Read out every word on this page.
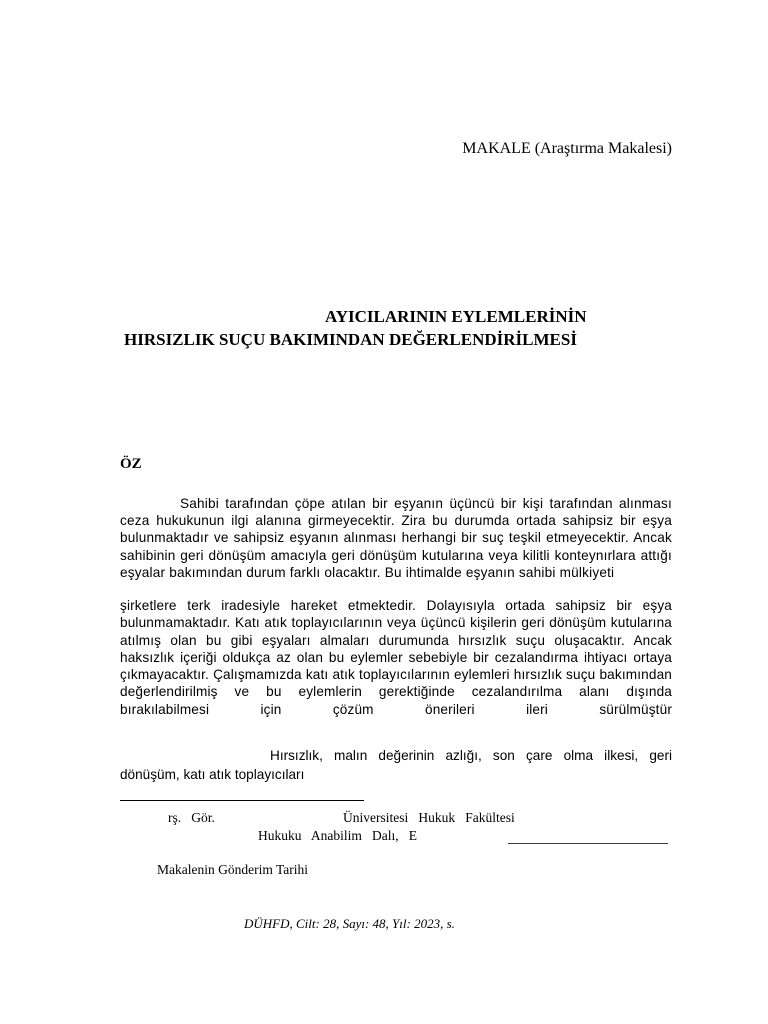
MAKALE (Araştırma Makalesi)
AYICILARININ EYLEMLERİNİN
HIRSIZLIK SUÇU BAKIMINDAN DEĞERLENDİRİLMESİ
ÖZ
Sahibi tarafından çöpe atılan bir eşyanın üçüncü bir kişi tarafından alınması ceza hukukunun ilgi alanına girmeyecektir. Zira bu durumda ortada sahipsiz bir eşya bulunmaktadır ve sahipsiz eşyanın alınması herhangi bir suç teşkil etmeyecektir. Ancak sahibinin geri dönüşüm amacıyla geri dönüşüm kutularına veya kilitli konteynırlara attığı eşyalar bakımından durum farklı olacaktır. Bu ihtimalde eşyanın sahibi mülkiyeti
şirketlere terk iradesiyle hareket etmektedir. Dolayısıyla ortada sahipsiz bir eşya bulunmamaktadır. Katı atık toplayıcılarının veya üçüncü kişilerin geri dönüşüm kutularına atılmış olan bu gibi eşyaları almaları durumunda hırsızlık suçu oluşacaktır. Ancak haksızlık içeriği oldukça az olan bu eylemler sebebiyle bir cezalandırma ihtiyacı ortaya çıkmayacaktır. Çalışmamızda katı atık toplayıcılarının eylemleri hırsızlık suçu bakımından değerlendirilmiş ve bu eylemlerin gerektiğinde cezalandırılma alanı dışında bırakılabilmesi için çözüm önerileri ileri sürülmüştür
Hırsızlık, malın değerinin azlığı, son çare olma ilkesi, geri dönüşüm, katı atık toplayıcıları
rş.   Gör.	Üniversitesi   Hukuk   Fakültesi
Hukuku   Anabilim   Dalı,   E
Makalenin Gönderim Tarihi
DÜHFD, Cilt: 28, Sayı: 48, Yıl: 2023, s.
